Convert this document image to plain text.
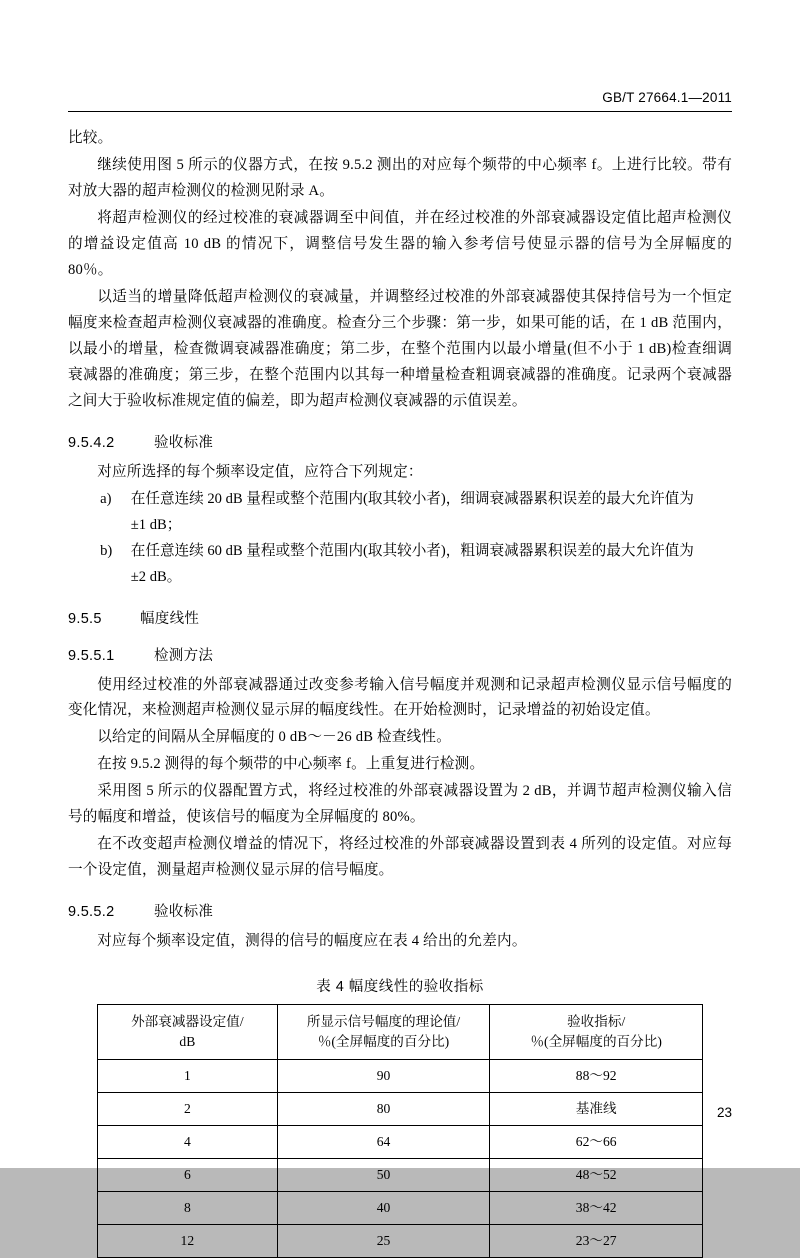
GB/T 27664.1—2011

比较。

继续使用图 5 所示的仪器方式，在按 9.5.2 测出的对应每个频带的中心频率 f。上进行比较。带有对放大器的超声检测仪的检测见附录 A。

将超声检测仪的经过校准的衰减器调至中间值，并在经过校准的外部衰减器设定值比超声检测仪的增益设定值高 10 dB 的情况下，调整信号发生器的输入参考信号使显示器的信号为全屏幅度的 80％。

以适当的增量降低超声检测仪的衰减量，并调整经过校准的外部衰减器使其保持信号为一个恒定幅度来检查超声检测仪衰减器的准确度。检查分三个步骤：第一步，如果可能的话，在 1 dB 范围内，以最小的增量，检查微调衰减器准确度；第二步，在整个范围内以最小增量(但不小于 1 dB)检查细调衰减器的准确度；第三步，在整个范围内以其每一种增量检查粗调衰减器的准确度。记录两个衰减器之间大于验收标准规定值的偏差，即为超声检测仪衰减器的示值误差。

9.5.4.2	验收标准

对应所选择的每个频率设定值，应符合下列规定：

a)	在任意连续 20 dB 量程或整个范围内(取其较小者)，细调衰减器累积误差的最大允许值为

±1 dB；

b)	在任意连续 60 dB 量程或整个范围内(取其较小者)，粗调衰减器累积误差的最大允许值为

±2 dB。

9.5.5	幅度线性
9.5.5.1	检测方法

使用经过校准的外部衰减器通过改变参考输入信号幅度并观测和记录超声检测仪显示信号幅度的变化情况，来检测超声检测仪显示屏的幅度线性。在开始检测时，记录增益的初始设定值。

以给定的间隔从全屏幅度的 0 dB～－26 dB 检查线性。

在按 9.5.2 测得的每个频带的中心频率 f。上重复进行检测。

采用图 5 所示的仪器配置方式，将经过校准的外部衰减器设置为 2 dB，并调节超声检测仪输入信号的幅度和增益，使该信号的幅度为全屏幅度的 80%。

在不改变超声检测仪增益的情况下，将经过校准的外部衰减器设置到表 4 所列的设定值。对应每一个设定值，测量超声检测仪显示屏的信号幅度。

9.5.5.2	验收标准

对应每个频率设定值，测得的信号的幅度应在表 4 给出的允差内。

表 4 幅度线性的验收指标
外部衰减器设定值/
dB

所显示信号幅度的理论值/
％(全屏幅度的百分比)

验收指标/
％(全屏幅度的百分比)

1	90	88～92
2	80	基准线
4	64	62～66
6	50	48～52
8	40	38～42
12	25	23～27
23
